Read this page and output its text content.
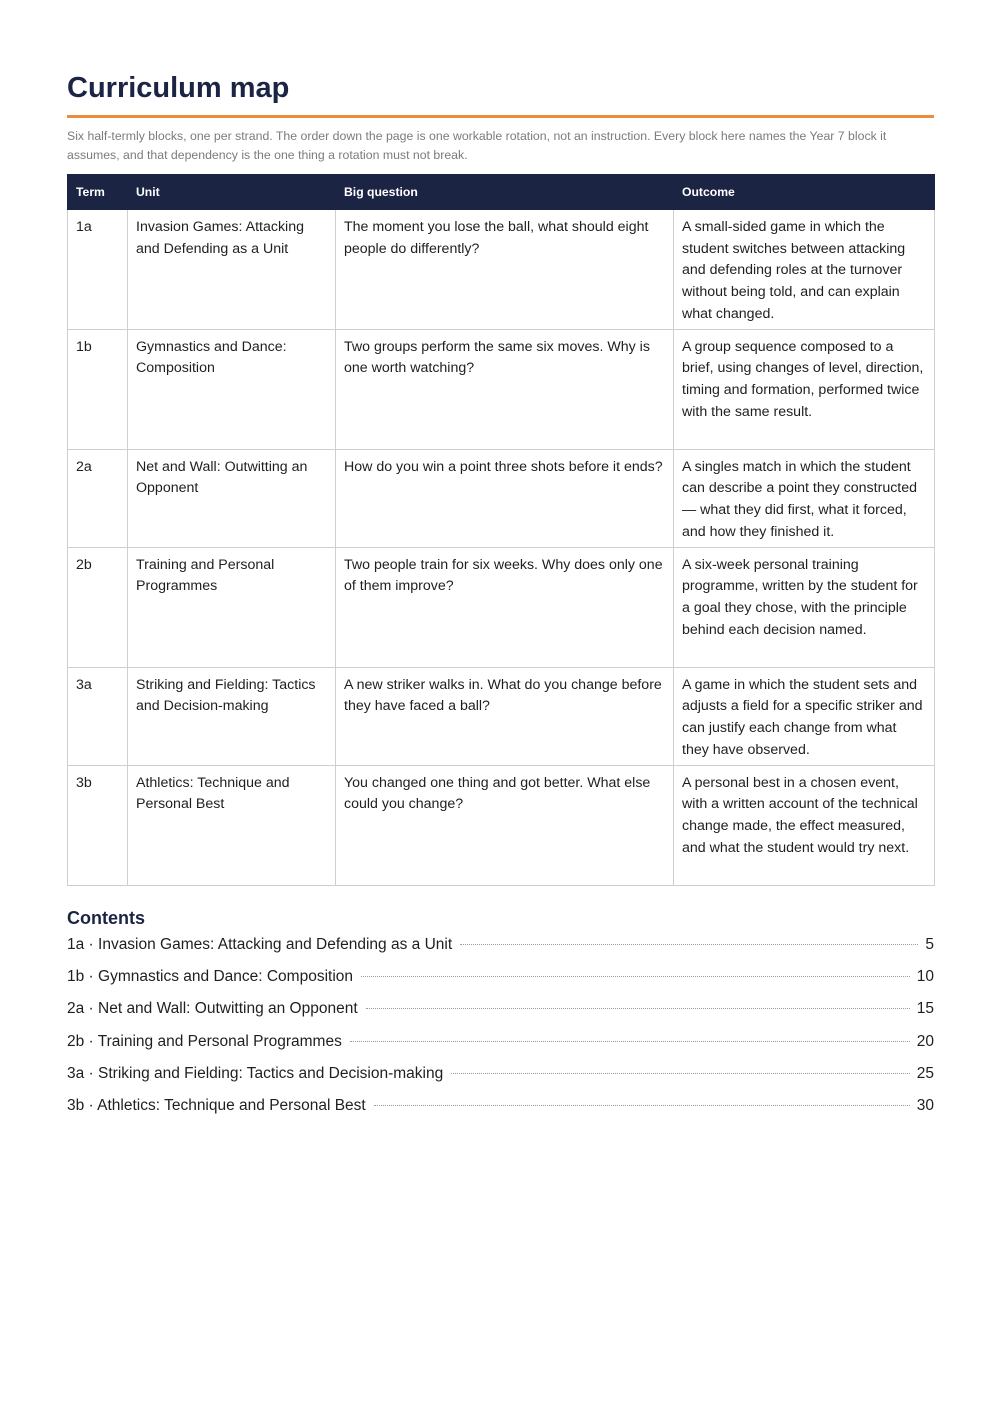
Curriculum map

Six half-termly blocks, one per strand. The order down the page is one workable rotation, not an instruction. Every block here names the Year 7 block it assumes, and that dependency is the one thing a rotation must not break.

Term	Unit	Big question	Outcome
1a	Invasion Games: Attacking and Defending as a Unit	The moment you lose the ball, what should eight people do differently?	A small-sided game in which the student switches between attacking and defending roles at the turnover without being told, and can explain what changed.
1b	Gymnastics and Dance: Composition	Two groups perform the same six moves. Why is one worth watching?	A group sequence composed to a brief, using changes of level, direction, timing and formation, performed twice with the same result.
2a	Net and Wall: Outwitting an Opponent	How do you win a point three shots before it ends?	A singles match in which the student can describe a point they constructed — what they did first, what it forced, and how they finished it.
2b	Training and Personal Programmes	Two people train for six weeks. Why does only one of them improve?	A six-week personal training programme, written by the student for a goal they chose, with the principle behind each decision named.
3a	Striking and Fielding: Tactics and Decision-making	A new striker walks in. What do you change before they have faced a ball?	A game in which the student sets and adjusts a field for a specific striker and can justify each change from what they have observed.
3b	Athletics: Technique and Personal Best	You changed one thing and got better. What else could you change?	A personal best in a chosen event, with a written account of the technical change made, the effect measured, and what the student would try next.
Contents
1a · Invasion Games: Attacking and Defending as a Unit	5
1b · Gymnastics and Dance: Composition	10
2a · Net and Wall: Outwitting an Opponent	15
2b · Training and Personal Programmes	20
3a · Striking and Fielding: Tactics and Decision-making	25
3b · Athletics: Technique and Personal Best	30
